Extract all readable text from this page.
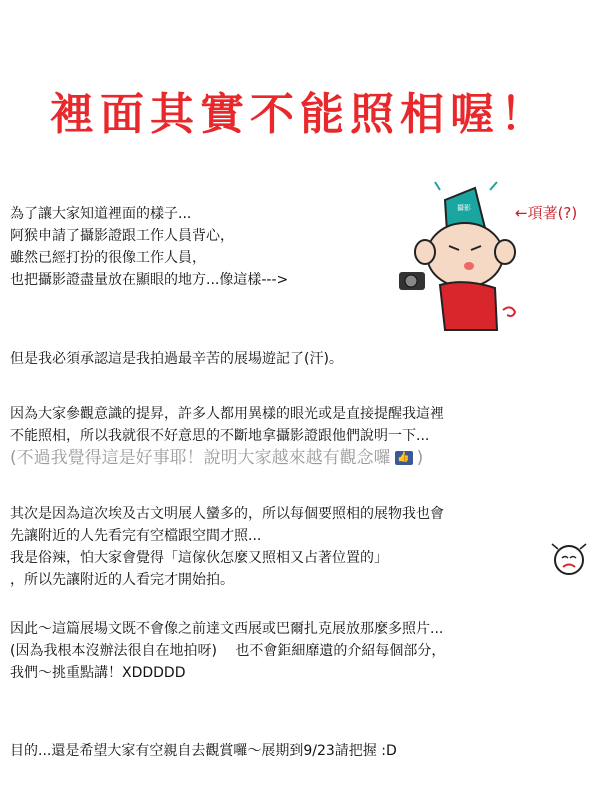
裡面其實不能照相喔！
為了讓大家知道裡面的樣子...
阿猴申請了攝影證跟工作人員背心，
雖然已經打扮的很像工作人員，
也把攝影證盡量放在顯眼的地方...像這樣--->
攝影	←項著(?)
但是我必須承認這是我拍過最辛苦的展場遊記了(汗)。
因為大家參觀意識的提昇，許多人都用異樣的眼光或是直接提醒我這裡
不能照相，所以我就很不好意思的不斷地拿攝影證跟他們說明一下...
(不過我覺得這是好事耶！說明大家越來越有觀念囉 👍 )
其次是因為這次埃及古文明展人蠻多的，所以每個要照相的展物我也會
先讓附近的人先看完有空檔跟空間才照...
我是俗辣，怕大家會覺得「這傢伙怎麼又照相又占著位置的」
，所以先讓附近的人看完才開始拍。
因此～這篇展場文既不會像之前達文西展或巴爾扎克展放那麼多照片...
(因為我根本沒辦法很自在地拍呀)　 也不會鉅細靡遺的介紹每個部分，
我們～挑重點講！XDDDDD
目的...還是希望大家有空親自去觀賞囉～展期到9/23請把握 :D
